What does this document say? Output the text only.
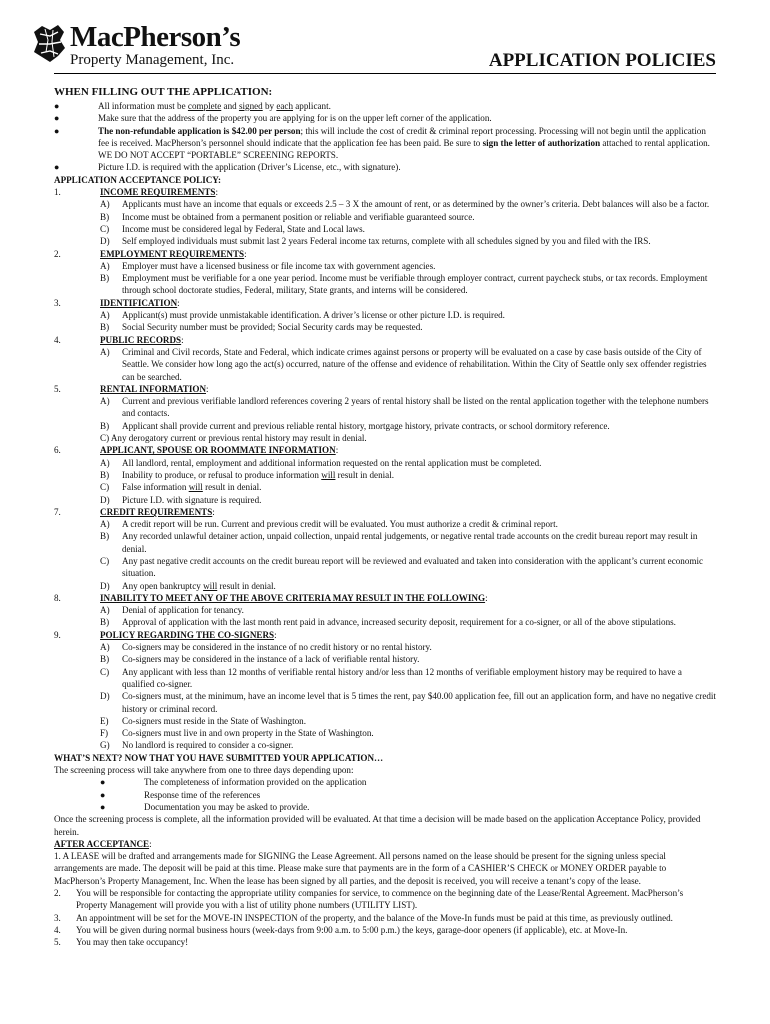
MacPherson’s
Property Management, Inc.	APPLICATION POLICIES

WHEN FILLING OUT THE APPLICATION:

●	All information must be complete and signed by each applicant.

●	Make sure that the address of the property you are applying for is on the upper left corner of the application.

●	The non-refundable application is $42.00 per person; this will include the cost of credit & criminal report processing. Processing will not begin until the application fee is received. MacPherson’s personnel should indicate that the application fee has been paid. Be sure to sign the letter of authorization attached to rental application. WE DO NOT ACCEPT “PORTABLE” SCREENING REPORTS.

●	Picture I.D. is required with the application (Driver’s License, etc., with signature).

APPLICATION ACCEPTANCE POLICY:

1.	INCOME REQUIREMENTS:

A) Applicants must have an income that equals or exceeds 2.5 – 3 X the amount of rent, or as determined by the owner’s criteria. Debt balances will also be a factor.

B) Income must be obtained from a permanent position or reliable and verifiable guaranteed source.

C) Income must be considered legal by Federal, State and Local laws.

D) Self employed individuals must submit last 2 years Federal income tax returns, complete with all schedules signed by you and filed with the IRS.

2.	EMPLOYMENT REQUIREMENTS:

A) Employer must have a licensed business or file income tax with government agencies.

B) Employment must be verifiable for a one year period. Income must be verifiable through employer contract, current paycheck stubs, or tax records. Employment through school doctorate studies, Federal, military, State grants, and interns will be considered.

3.	IDENTIFICATION:

A) Applicant(s) must provide unmistakable identification. A driver’s license or other picture I.D. is required.

B) Social Security number must be provided; Social Security cards may be requested.

4.	PUBLIC RECORDS:

A) Criminal and Civil records, State and Federal, which indicate crimes against persons or property will be evaluated on a case by case basis outside of the City of Seattle. We consider how long ago the act(s) occurred, nature of the offense and evidence of rehabilitation. Within the City of Seattle only sex offender registries can be searched.

5.	RENTAL INFORMATION:

A) Current and previous verifiable landlord references covering 2 years of rental history shall be listed on the rental application together with the telephone numbers and contacts.

B) Applicant shall provide current and previous reliable rental history, mortgage history, private contracts, or school dormitory reference.

C) Any derogatory current or previous rental history may result in denial.

6.	APPLICANT, SPOUSE OR ROOMMATE INFORMATION:

A) All landlord, rental, employment and additional information requested on the rental application must be completed.

B) Inability to produce, or refusal to produce information will result in denial.

C) False information will result in denial.

D) Picture I.D. with signature is required.

7.	CREDIT REQUIREMENTS:

A) A credit report will be run. Current and previous credit will be evaluated. You must authorize a credit & criminal report.

B) Any recorded unlawful detainer action, unpaid collection, unpaid rental judgements, or negative rental trade accounts on the credit bureau report may result in denial.

C) Any past negative credit accounts on the credit bureau report will be reviewed and evaluated and taken into consideration with the applicant’s current economic situation.

D) Any open bankruptcy will result in denial.

8.	INABILITY TO MEET ANY OF THE ABOVE CRITERIA MAY RESULT IN THE FOLLOWING:

A) Denial of application for tenancy.

B) Approval of application with the last month rent paid in advance, increased security deposit, requirement for a co-signer, or all of the above stipulations.

9.	POLICY REGARDING THE CO-SIGNERS:

A) Co-signers may be considered in the instance of no credit history or no rental history.

B) Co-signers may be considered in the instance of a lack of verifiable rental history.

C) Any applicant with less than 12 months of verifiable rental history and/or less than 12 months of verifiable employment history may be required to have a qualified co-signer.

D) Co-signers must, at the minimum, have an income level that is 5 times the rent, pay $40.00 application fee, fill out an application form, and have no negative credit history or criminal record.

E) Co-signers must reside in the State of Washington.

F) Co-signers must live in and own property in the State of Washington.

G) No landlord is required to consider a co-signer.

WHAT’S NEXT? NOW THAT YOU HAVE SUBMITTED YOUR APPLICATION…

The screening process will take anywhere from one to three days depending upon:

●	The completeness of information provided on the application

●	Response time of the references

●	Documentation you may be asked to provide.

Once the screening process is complete, all the information provided will be evaluated. At that time a decision will be made based on the application Acceptance Policy, provided herein.

AFTER ACCEPTANCE:

1. A LEASE will be drafted and arrangements made for SIGNING the Lease Agreement. All persons named on the lease should be present for the signing unless special arrangements are made. The deposit will be paid at this time. Please make sure that payments are in the form of a CASHIER’S CHECK or MONEY ORDER payable to MacPherson’s Property Management, Inc. When the lease has been signed by all parties, and the deposit is received, you will receive a tenant’s copy of the lease.

2. You will be responsible for contacting the appropriate utility companies for service, to commence on the beginning date of the Lease/Rental Agreement. MacPherson’s Property Management will provide you with a list of utility phone numbers (UTILITY LIST).

3. An appointment will be set for the MOVE-IN INSPECTION of the property, and the balance of the Move-In funds must be paid at this time, as previously outlined.

4. You will be given during normal business hours (week-days from 9:00 a.m. to 5:00 p.m.) the keys, garage-door openers (if applicable), etc. at Move-In.

5. You may then take occupancy!
